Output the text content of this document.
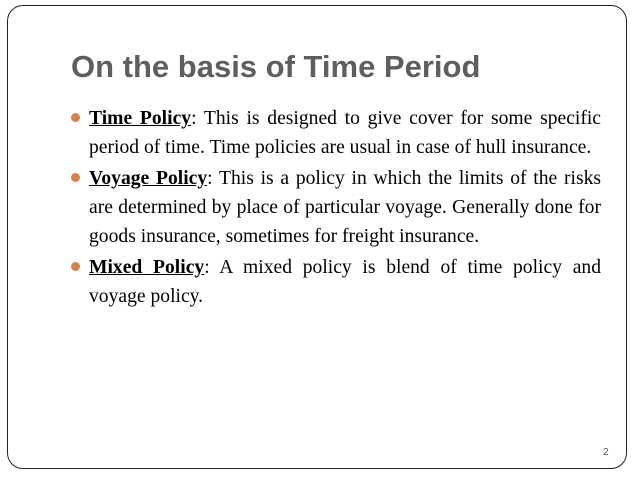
On the basis of Time Period
Time Policy: This is designed to give cover for some specific period of time. Time policies are usual in case of hull insurance.
Voyage Policy: This is a policy in which the limits of the risks are determined by place of particular voyage. Generally done for goods insurance, sometimes for freight insurance.
Mixed Policy: A mixed policy is blend of time policy and voyage policy.
2
